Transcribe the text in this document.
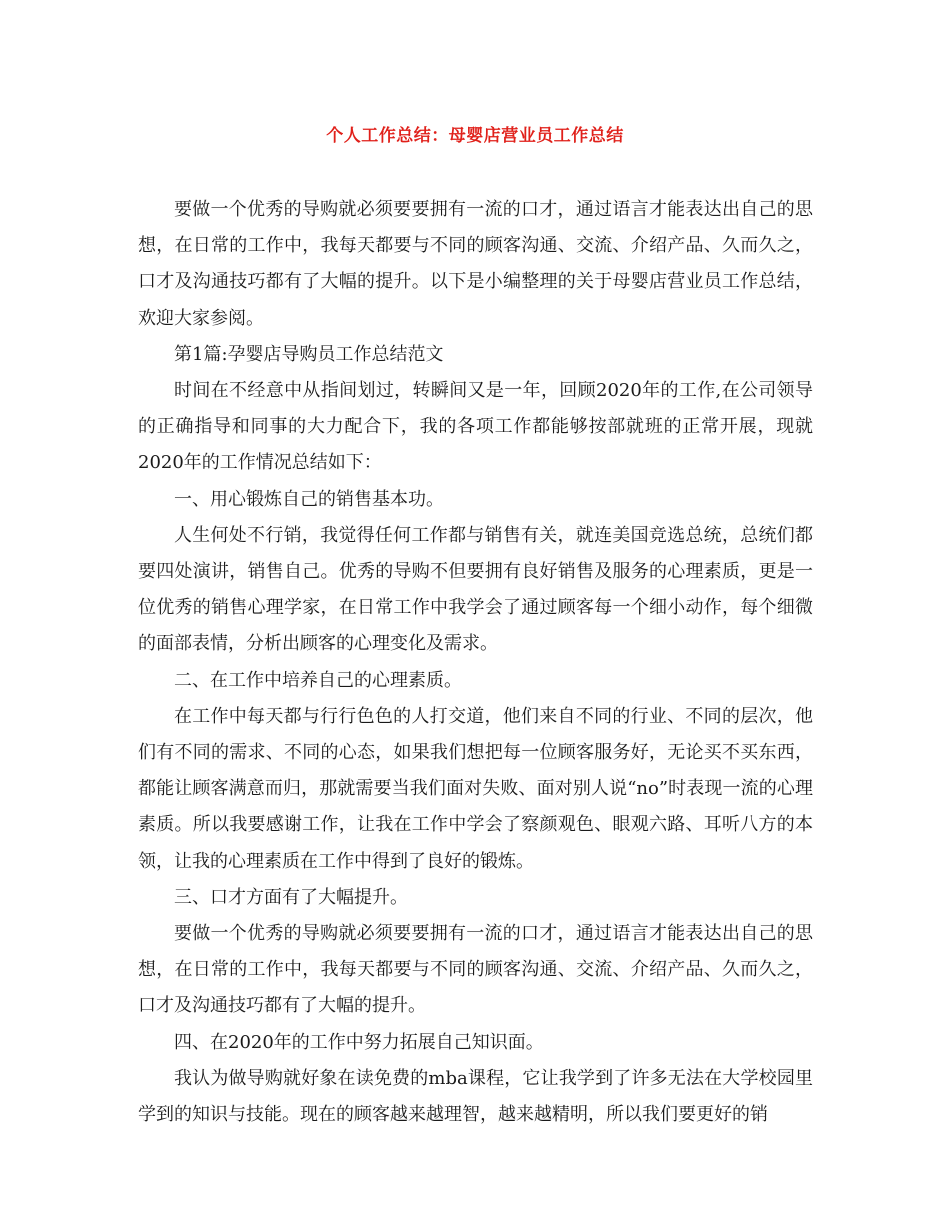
个人工作总结：母婴店营业员工作总结

要做一个优秀的导购就必须要要拥有一流的口才，通过语言才能表达出自己的思想，在日常的工作中，我每天都要与不同的顾客沟通、交流、介绍产品、久而久之，口才及沟通技巧都有了大幅的提升。以下是小编整理的关于母婴店营业员工作总结，欢迎大家参阅。

第1篇:孕婴店导购员工作总结范文

时间在不经意中从指间划过，转瞬间又是一年，回顾2020年的工作,在公司领导的正确指导和同事的大力配合下，我的各项工作都能够按部就班的正常开展，现就2020年的工作情况总结如下：

一、用心锻炼自己的销售基本功。

人生何处不行销，我觉得任何工作都与销售有关，就连美国竞选总统，总统们都要四处演讲，销售自己。优秀的导购不但要拥有良好销售及服务的心理素质，更是一位优秀的销售心理学家，在日常工作中我学会了通过顾客每一个细小动作，每个细微的面部表情，分析出顾客的心理变化及需求。

二、在工作中培养自己的心理素质。

在工作中每天都与行行色色的人打交道，他们来自不同的行业、不同的层次，他们有不同的需求、不同的心态，如果我们想把每一位顾客服务好，无论买不买东西，都能让顾客满意而归，那就需要当我们面对失败、面对别人说“no”时表现一流的心理素质。所以我要感谢工作，让我在工作中学会了察颜观色、眼观六路、耳听八方的本领，让我的心理素质在工作中得到了良好的锻炼。

三、口才方面有了大幅提升。

要做一个优秀的导购就必须要要拥有一流的口才，通过语言才能表达出自己的思想，在日常的工作中，我每天都要与不同的顾客沟通、交流、介绍产品、久而久之，口才及沟通技巧都有了大幅的提升。

四、在2020年的工作中努力拓展自己知识面。

我认为做导购就好象在读免费的mba课程，它让我学到了许多无法在大学校园里学到的知识与技能。现在的顾客越来越理智，越来越精明，所以我们要更好的销
